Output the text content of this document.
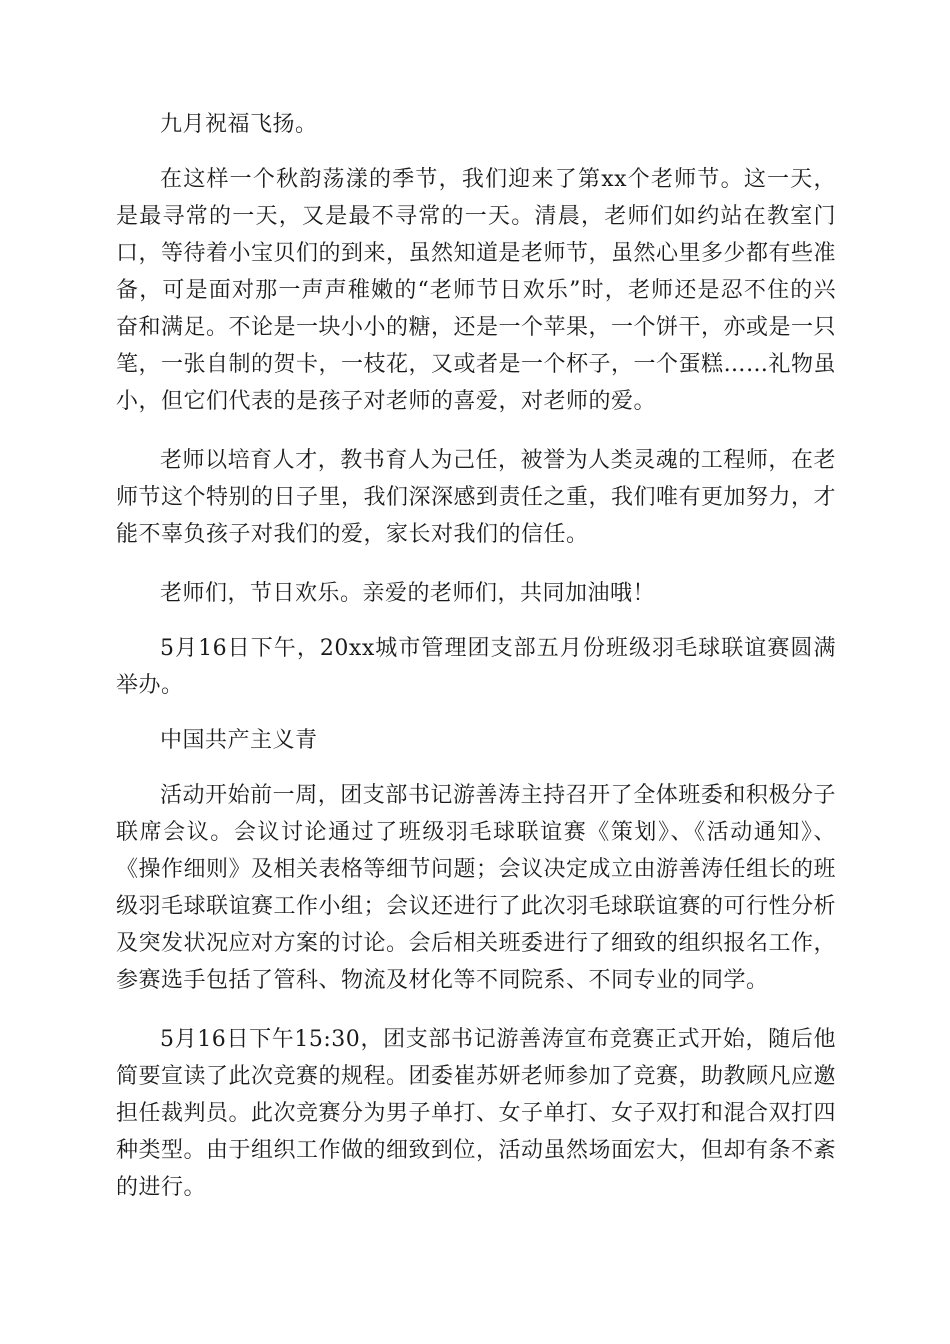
九月祝福飞扬。

在这样一个秋韵荡漾的季节，我们迎来了第xx个老师节。这一天，是最寻常的一天，又是最不寻常的一天。清晨，老师们如约站在教室门口，等待着小宝贝们的到来，虽然知道是老师节，虽然心里多少都有些准备，可是面对那一声声稚嫩的“老师节日欢乐”时，老师还是忍不住的兴奋和满足。不论是一块小小的糖，还是一个苹果，一个饼干，亦或是一只笔，一张自制的贺卡，一枝花，又或者是一个杯子，一个蛋糕……礼物虽小，但它们代表的是孩子对老师的喜爱，对老师的爱。

老师以培育人才，教书育人为己任，被誉为人类灵魂的工程师，在老师节这个特别的日子里，我们深深感到责任之重，我们唯有更加努力，才能不辜负孩子对我们的爱，家长对我们的信任。

老师们，节日欢乐。亲爱的老师们，共同加油哦！

5月16日下午，20xx城市管理团支部五月份班级羽毛球联谊赛圆满举办。

中国共产主义青

活动开始前一周，团支部书记游善涛主持召开了全体班委和积极分子联席会议。会议讨论通过了班级羽毛球联谊赛《策划》、《活动通知》、《操作细则》及相关表格等细节问题；会议决定成立由游善涛任组长的班级羽毛球联谊赛工作小组；会议还进行了此次羽毛球联谊赛的可行性分析及突发状况应对方案的讨论。会后相关班委进行了细致的组织报名工作，参赛选手包括了管科、物流及材化等不同院系、不同专业的同学。

5月16日下午15:30，团支部书记游善涛宣布竞赛正式开始，随后他简要宣读了此次竞赛的规程。团委崔苏妍老师参加了竞赛，助教顾凡应邀担任裁判员。此次竞赛分为男子单打、女子单打、女子双打和混合双打四种类型。由于组织工作做的细致到位，活动虽然场面宏大，但却有条不紊的进行。
